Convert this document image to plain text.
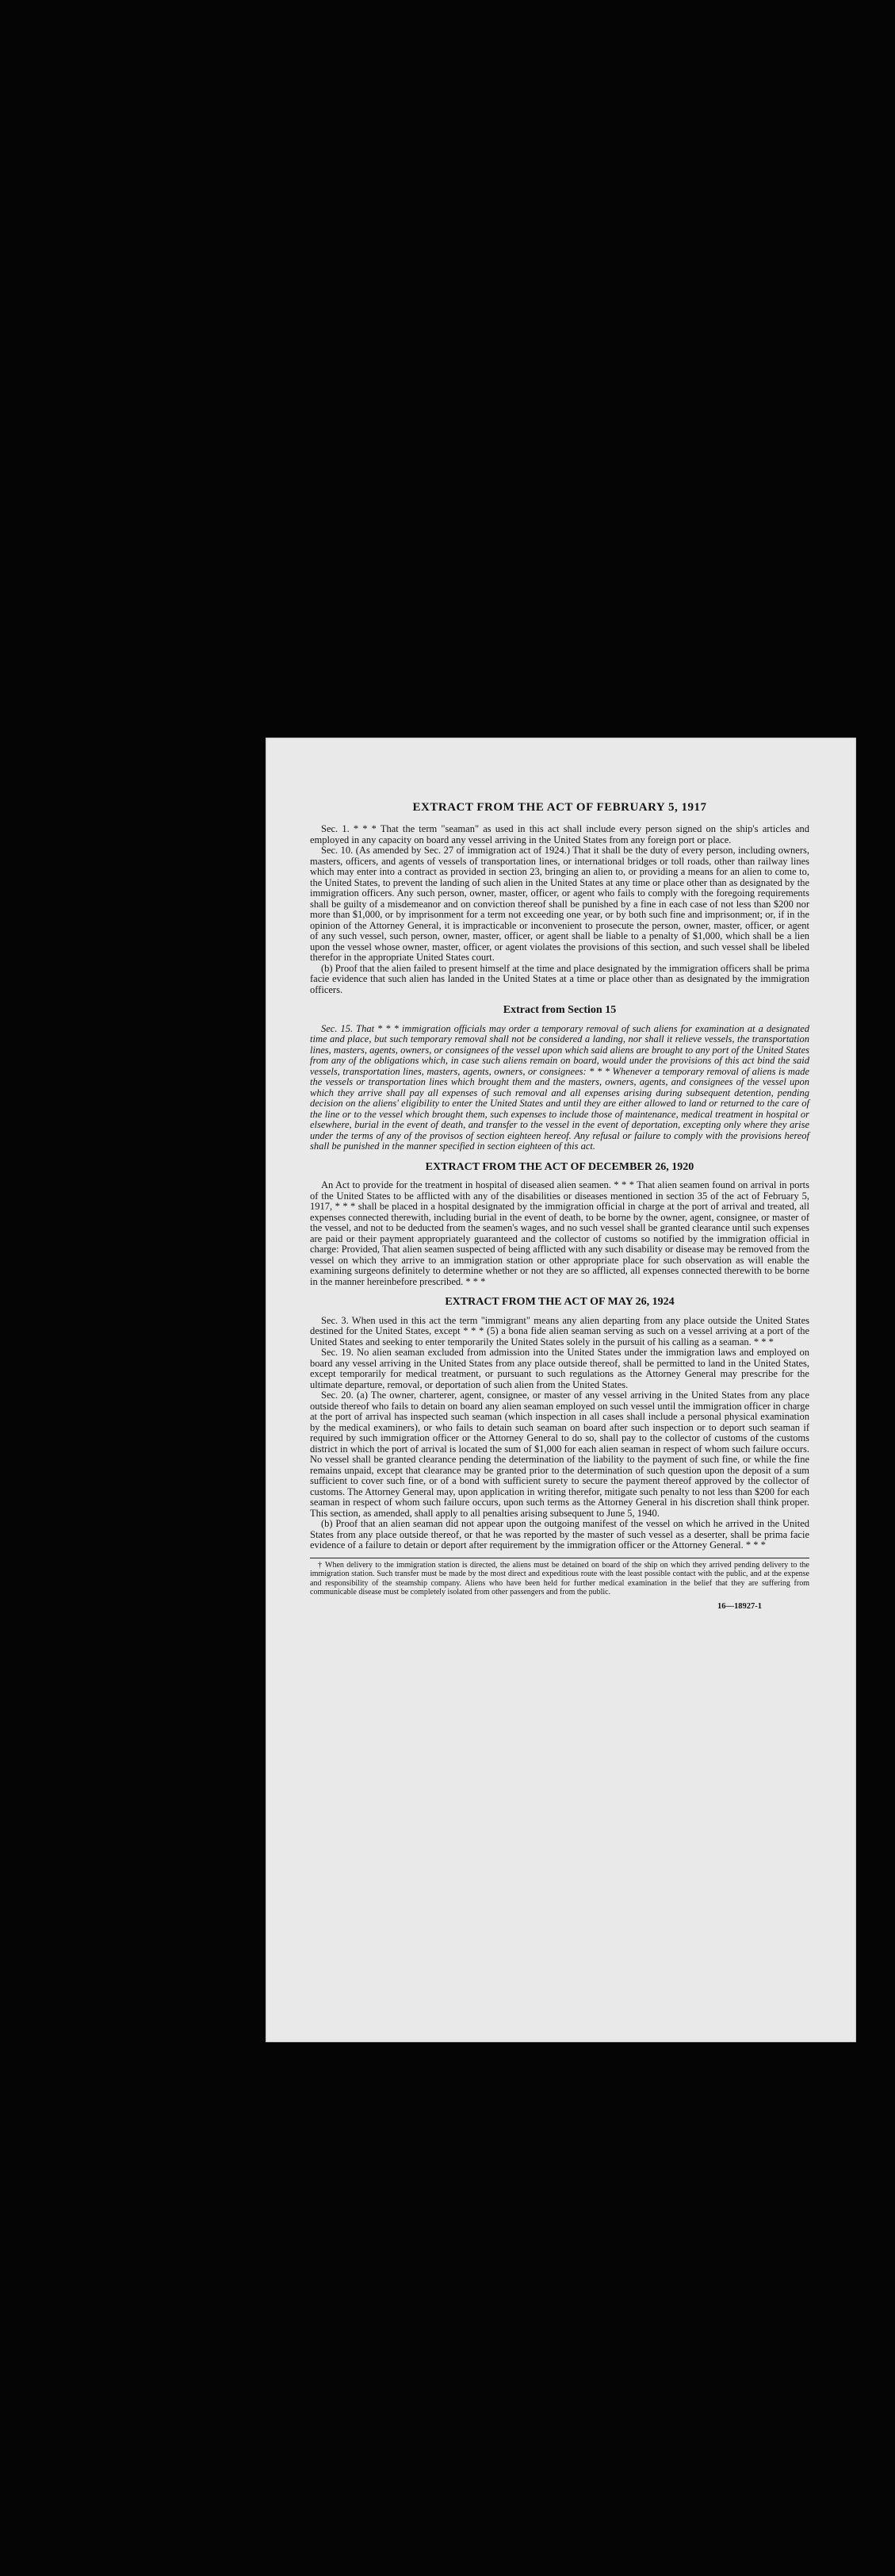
EXTRACT FROM THE ACT OF FEBRUARY 5, 1917

Sec. 1. * * * That the term "seaman" as used in this act shall include every person signed on the ship's articles and employed in any capacity on board any vessel arriving in the United States from any foreign port or place.

Sec. 10. (As amended by Sec. 27 of immigration act of 1924.) That it shall be the duty of every person, including owners, masters, officers, and agents of vessels of transportation lines, or international bridges or toll roads, other than railway lines which may enter into a contract as provided in section 23, bringing an alien to, or providing a means for an alien to come to, the United States, to prevent the landing of such alien in the United States at any time or place other than as designated by the immigration officers. Any such person, owner, master, officer, or agent who fails to comply with the foregoing requirements shall be guilty of a misdemeanor and on conviction thereof shall be punished by a fine in each case of not less than $200 nor more than $1,000, or by imprisonment for a term not exceeding one year, or by both such fine and imprisonment; or, if in the opinion of the Attorney General, it is impracticable or inconvenient to prosecute the person, owner, master, officer, or agent of any such vessel, such person, owner, master, officer, or agent shall be liable to a penalty of $1,000, which shall be a lien upon the vessel whose owner, master, officer, or agent violates the provisions of this section, and such vessel shall be libeled therefor in the appropriate United States court.

(b) Proof that the alien failed to present himself at the time and place designated by the immigration officers shall be prima facie evidence that such alien has landed in the United States at a time or place other than as designated by the immigration officers.

Extract from Section 15

Sec. 15. That * * * immigration officials may order a temporary removal of such aliens for examination at a designated time and place, but such temporary removal shall not be considered a landing, nor shall it relieve vessels, the transportation lines, masters, agents, owners, or consignees of the vessel upon which said aliens are brought to any port of the United States from any of the obligations which, in case such aliens remain on board, would under the provisions of this act bind the said vessels, transportation lines, masters, agents, owners, or consignees: * * * Whenever a temporary removal of aliens is made the vessels or transportation lines which brought them and the masters, owners, agents, and consignees of the vessel upon which they arrive shall pay all expenses of such removal and all expenses arising during subsequent detention, pending decision on the aliens' eligibility to enter the United States and until they are either allowed to land or returned to the care of the line or to the vessel which brought them, such expenses to include those of maintenance, medical treatment in hospital or elsewhere, burial in the event of death, and transfer to the vessel in the event of deportation, excepting only where they arise under the terms of any of the provisos of section eighteen hereof. Any refusal or failure to comply with the provisions hereof shall be punished in the manner specified in section eighteen of this act.

EXTRACT FROM THE ACT OF DECEMBER 26, 1920

An Act to provide for the treatment in hospital of diseased alien seamen. * * * That alien seamen found on arrival in ports of the United States to be afflicted with any of the disabilities or diseases mentioned in section 35 of the act of February 5, 1917, * * * shall be placed in a hospital designated by the immigration official in charge at the port of arrival and treated, all expenses connected therewith, including burial in the event of death, to be borne by the owner, agent, consignee, or master of the vessel, and not to be deducted from the seamen's wages, and no such vessel shall be granted clearance until such expenses are paid or their payment appropriately guaranteed and the collector of customs so notified by the immigration official in charge: Provided, That alien seamen suspected of being afflicted with any such disability or disease may be removed from the vessel on which they arrive to an immigration station or other appropriate place for such observation as will enable the examining surgeons definitely to determine whether or not they are so afflicted, all expenses connected therewith to be borne in the manner hereinbefore prescribed. * * *

EXTRACT FROM THE ACT OF MAY 26, 1924

Sec. 3. When used in this act the term "immigrant" means any alien departing from any place outside the United States destined for the United States, except * * * (5) a bona fide alien seaman serving as such on a vessel arriving at a port of the United States and seeking to enter temporarily the United States solely in the pursuit of his calling as a seaman. * * *

Sec. 19. No alien seaman excluded from admission into the United States under the immigration laws and employed on board any vessel arriving in the United States from any place outside thereof, shall be permitted to land in the United States, except temporarily for medical treatment, or pursuant to such regulations as the Attorney General may prescribe for the ultimate departure, removal, or deportation of such alien from the United States.

Sec. 20. (a) The owner, charterer, agent, consignee, or master of any vessel arriving in the United States from any place outside thereof who fails to detain on board any alien seaman employed on such vessel until the immigration officer in charge at the port of arrival has inspected such seaman (which inspection in all cases shall include a personal physical examination by the medical examiners), or who fails to detain such seaman on board after such inspection or to deport such seaman if required by such immigration officer or the Attorney General to do so, shall pay to the collector of customs of the customs district in which the port of arrival is located the sum of $1,000 for each alien seaman in respect of whom such failure occurs. No vessel shall be granted clearance pending the determination of the liability to the payment of such fine, or while the fine remains unpaid, except that clearance may be granted prior to the determination of such question upon the deposit of a sum sufficient to cover such fine, or of a bond with sufficient surety to secure the payment thereof approved by the collector of customs. The Attorney General may, upon application in writing therefor, mitigate such penalty to not less than $200 for each seaman in respect of whom such failure occurs, upon such terms as the Attorney General in his discretion shall think proper. This section, as amended, shall apply to all penalties arising subsequent to June 5, 1940.

(b) Proof that an alien seaman did not appear upon the outgoing manifest of the vessel on which he arrived in the United States from any place outside thereof, or that he was reported by the master of such vessel as a deserter, shall be prima facie evidence of a failure to detain or deport after requirement by the immigration officer or the Attorney General. * * *

† When delivery to the immigration station is directed, the aliens must be detained on board of the ship on which they arrived pending delivery to the immigration station. Such transfer must be made by the most direct and expeditious route with the least possible contact with the public, and at the expense and responsibility of the steamship company. Aliens who have been held for further medical examination in the belief that they are suffering from communicable disease must be completely isolated from other passengers and from the public.

16—18927-1
